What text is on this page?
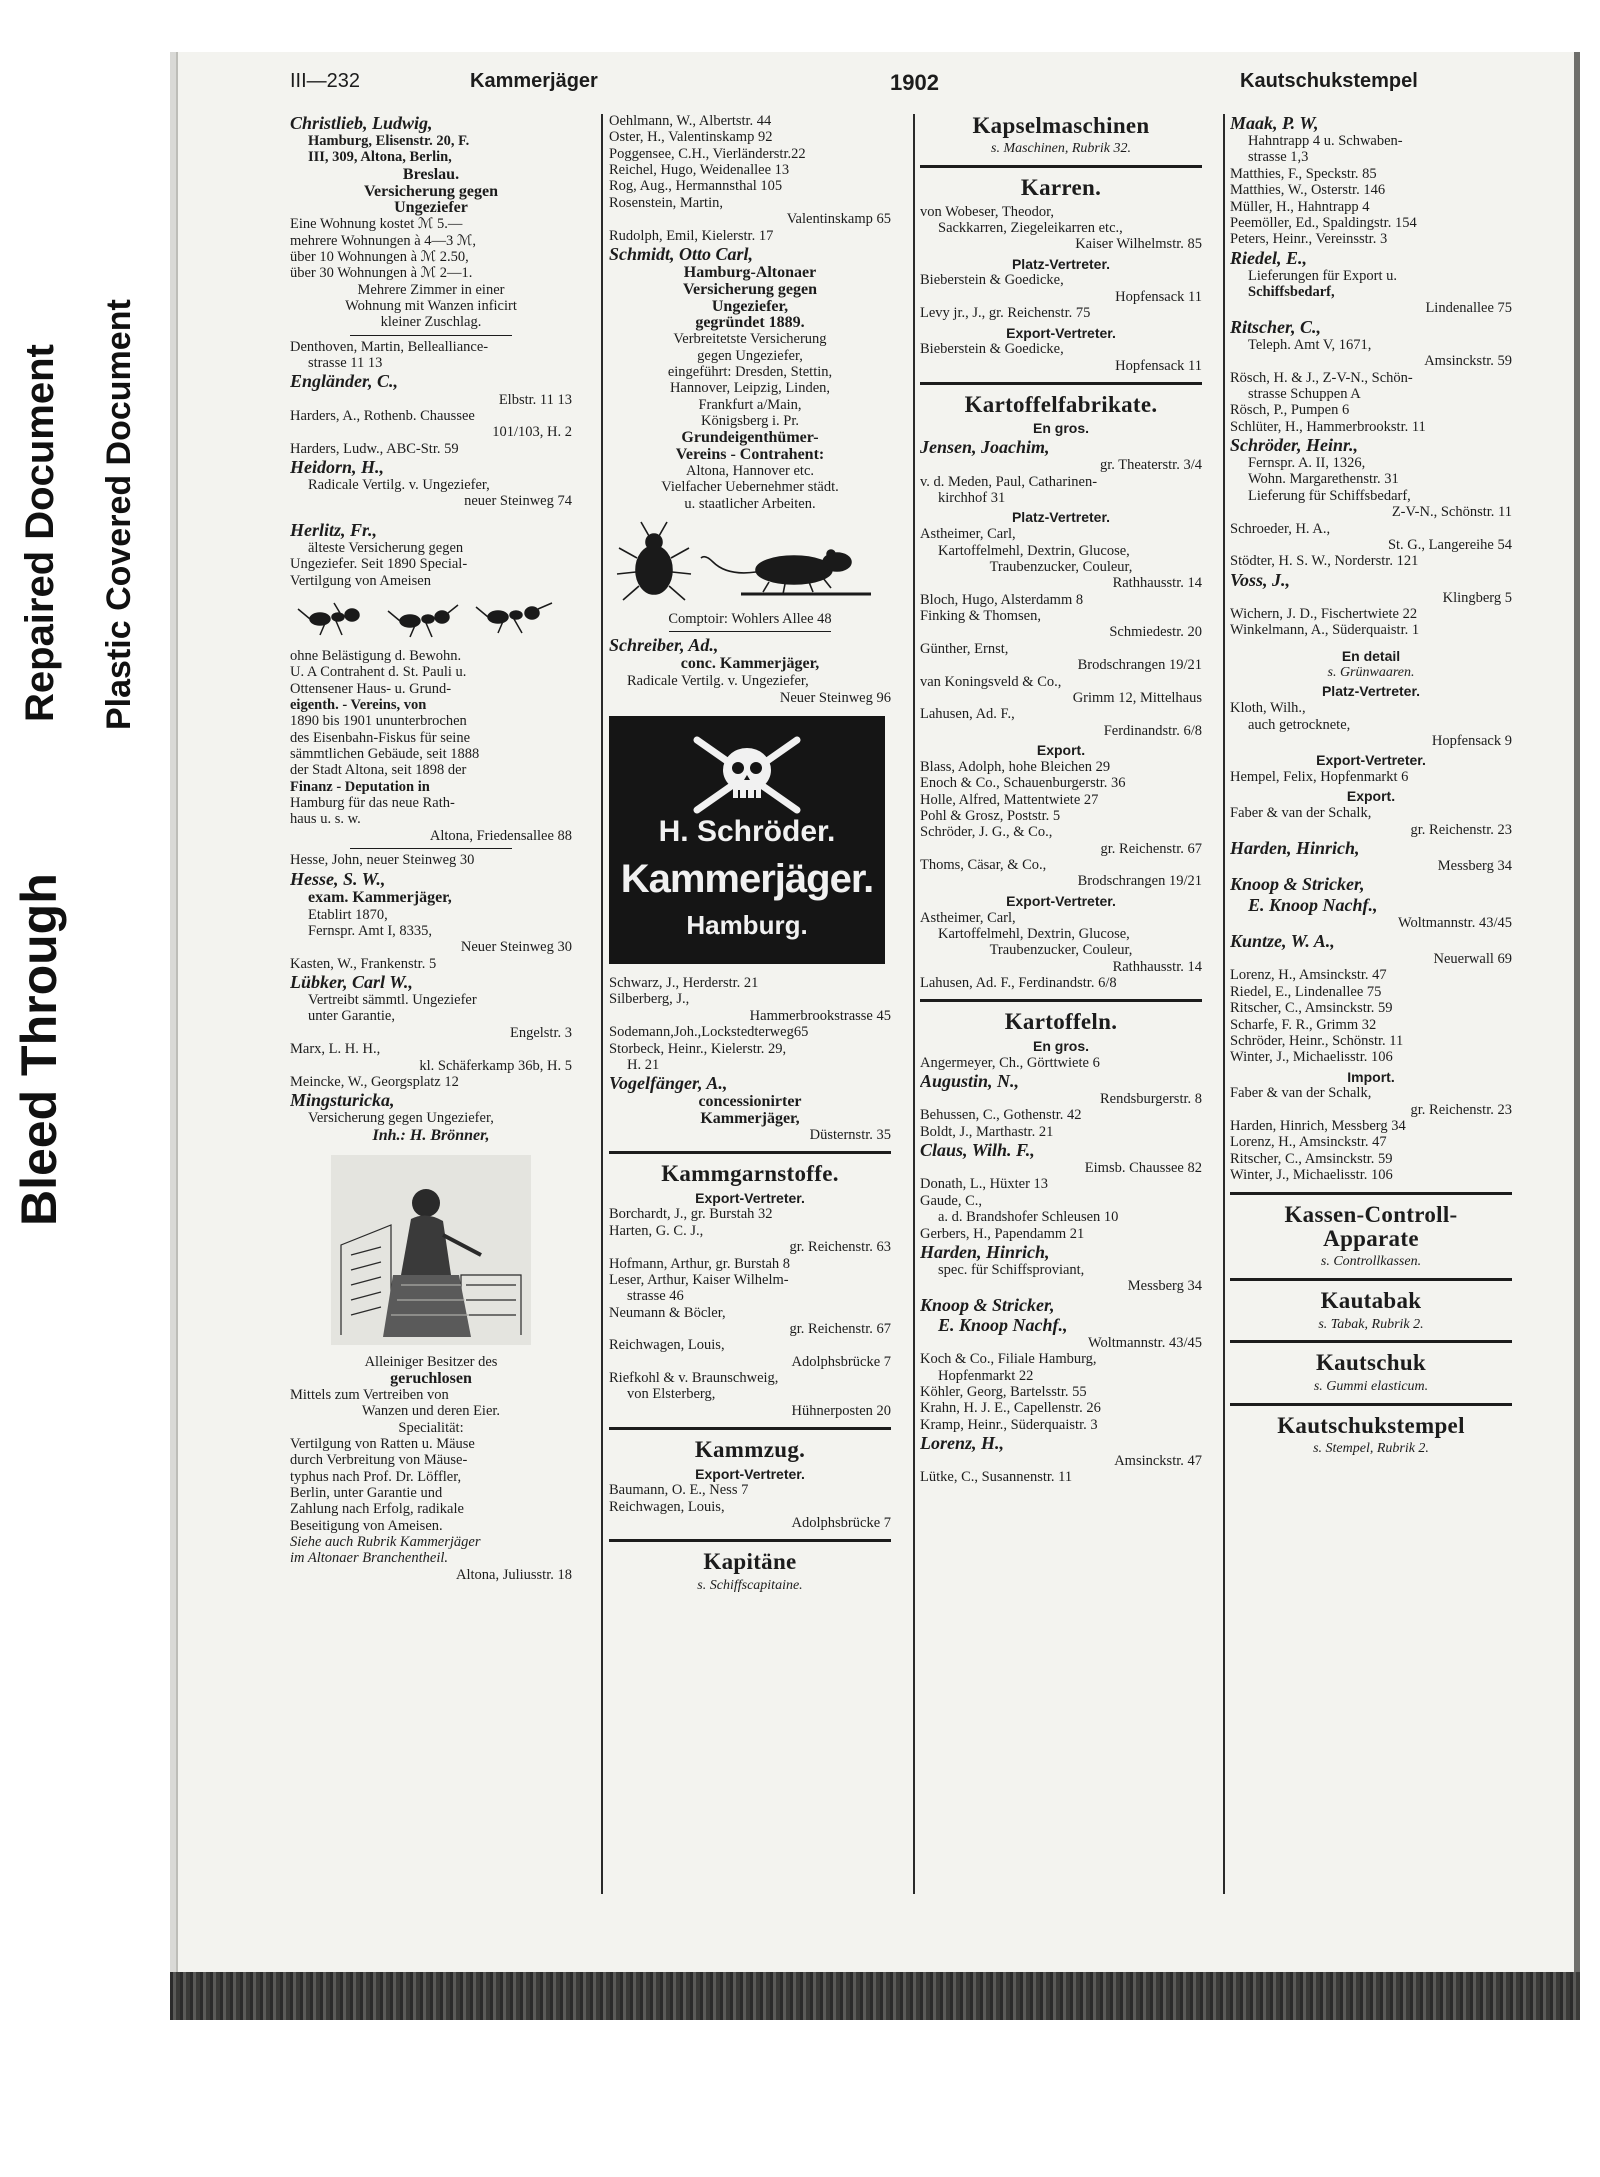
Bleed Through
Repaired Document Plastic Covered Document
III—232	Kammerjäger	1902	Kautschukstempel
Christlieb, Ludwig,
Hamburg, Elisenstr. 20, F.
III, 309, Altona, Berlin,
Breslau.
Versicherung gegen
Ungeziefer
Eine Wohnung kostet ℳ 5.—
mehrere Wohnungen à 4—3 ℳ,
über 10 Wohnungen à ℳ 2.50,
über 30 Wohnungen à ℳ 2—1.
Mehrere Zimmer in einer
Wohnung mit Wanzen inficirt
kleiner Zuschlag.
Denthoven, Martin, Bellealliance-
strasse 11 13
Engländer, C.,
Elbstr. 11 13
Harders, A., Rothenb. Chaussee
101/103, H. 2
Harders, Ludw., ABC-Str. 59
Heidorn, H.,
Radicale Vertilg. v. Ungeziefer,
neuer Steinweg 74
Herlitz, Fr.,
älteste Versicherung gegen
Ungeziefer. Seit 1890 Special-
Vertilgung von Ameisen
ohne Belästigung d. Bewohn.
U. A Contrahent d. St. Pauli u.
Ottensener Haus- u. Grund-
eigenth. - Vereins, von
1890 bis 1901 ununterbrochen
des Eisenbahn-Fiskus für seine
sämmtlichen Gebäude, seit 1888
der Stadt Altona, seit 1898 der
Finanz - Deputation in
Hamburg für das neue Rath-
haus u. s. w.
Altona, Friedensallee 88
Hesse, John, neuer Steinweg 30
Hesse, S. W.,
exam. Kammerjäger,
Etablirt 1870,
Fernspr. Amt I, 8335,
Neuer Steinweg 30
Kasten, W., Frankenstr. 5
Lübker, Carl W.,
Vertreibt sämmtl. Ungeziefer
unter Garantie,
Engelstr. 3
Marx, L. H. H.,
kl. Schäferkamp 36b, H. 5
Meincke, W., Georgsplatz 12
Mingsturicka,
Versicherung gegen Ungeziefer,
Inh.: H. Brönner,
Alleiniger Besitzer des
geruchlosen
Mittels zum Vertreiben von
Wanzen und deren Eier.
Specialität:
Vertilgung von Ratten u. Mäuse
durch Verbreitung von Mäuse-
typhus nach Prof. Dr. Löffler,
Berlin, unter Garantie und
Zahlung nach Erfolg, radikale
Beseitigung von Ameisen.
Siehe auch Rubrik Kammerjäger
im Altonaer Branchentheil.
Altona, Juliusstr. 18
Oehlmann, W., Albertstr. 44
Oster, H., Valentinskamp 92
Poggensee, C.H., Vierländerstr.22
Reichel, Hugo, Weidenallee 13
Rog, Aug., Hermannsthal 105
Rosenstein, Martin,
Valentinskamp 65
Rudolph, Emil, Kielerstr. 17
Schmidt, Otto Carl,
Hamburg-Altonaer
Versicherung gegen
Ungeziefer,
gegründet 1889.
Verbreitetste Versicherung
gegen Ungeziefer,
eingeführt: Dresden, Stettin,
Hannover, Leipzig, Linden,
Frankfurt a/Main,
Königsberg i. Pr.
Grundeigenthümer-
Vereins - Contrahent:
Altona, Hannover etc.
Vielfacher Uebernehmer städt.
u. staatlicher Arbeiten.
Comptoir: Wohlers Allee 48
Schreiber, Ad.,
conc. Kammerjäger,
Radicale Vertilg. v. Ungeziefer,
Neuer Steinweg 96
H. Schröder.
Kammerjäger.
Hamburg.
Schwarz, J., Herderstr. 21
Silberberg, J.,
Hammerbrookstrasse 45
Sodemann,Joh.,Lockstedterweg65
Storbeck, Heinr., Kielerstr. 29,
H. 21
Vogelfänger, A.,
concessionirter
Kammerjäger,
Düsternstr. 35
Kammgarnstoffe.
Export-Vertreter.
Borchardt, J., gr. Burstah 32
Harten, G. C. J.,
gr. Reichenstr. 63
Hofmann, Arthur, gr. Burstah 8
Leser, Arthur, Kaiser Wilhelm-
strasse 46
Neumann & Böcler,
gr. Reichenstr. 67
Reichwagen, Louis,
Adolphsbrücke 7
Riefkohl & v. Braunschweig,
von Elsterberg,
Hühnerposten 20
Kammzug.
Export-Vertreter.
Baumann, O. E., Ness 7
Reichwagen, Louis,
Adolphsbrücke 7
Kapitäne
s. Schiffscapitaine.
Kapselmaschinen
s. Maschinen, Rubrik 32.
Karren.
von Wobeser, Theodor,
Sackkarren, Ziegeleikarren etc.,
Kaiser Wilhelmstr. 85
Platz-Vertreter.
Bieberstein & Goedicke,
Hopfensack 11
Levy jr., J., gr. Reichenstr. 75
Export-Vertreter.
Bieberstein & Goedicke,
Hopfensack 11
Kartoffelfabrikate.
En gros.
Jensen, Joachim,
gr. Theaterstr. 3/4
v. d. Meden, Paul, Catharinen-
kirchhof 31
Platz-Vertreter.
Astheimer, Carl,
Kartoffelmehl, Dextrin, Glucose,
Traubenzucker, Couleur,
Rathhausstr. 14
Bloch, Hugo, Alsterdamm 8
Finking & Thomsen,
Schmiedestr. 20
Günther, Ernst,
Brodschrangen 19/21
van Koningsveld & Co.,
Grimm 12, Mittelhaus
Lahusen, Ad. F.,
Ferdinandstr. 6/8
Export.
Blass, Adolph, hohe Bleichen 29
Enoch & Co., Schauenburgerstr. 36
Holle, Alfred, Mattentwiete 27
Pohl & Grosz, Poststr. 5
Schröder, J. G., & Co.,
gr. Reichenstr. 67
Thoms, Cäsar, & Co.,
Brodschrangen 19/21
Export-Vertreter.
Astheimer, Carl,
Kartoffelmehl, Dextrin, Glucose,
Traubenzucker, Couleur,
Rathhausstr. 14
Lahusen, Ad. F., Ferdinandstr. 6/8
Kartoffeln.
En gros.
Angermeyer, Ch., Görttwiete 6
Augustin, N.,
Rendsburgerstr. 8
Behussen, C., Gothenstr. 42
Boldt, J., Marthastr. 21
Claus, Wilh. F.,
Eimsb. Chaussee 82
Donath, L., Hüxter 13
Gaude, C.,
a. d. Brandshofer Schleusen 10
Gerbers, H., Papendamm 21
Harden, Hinrich,
spec. für Schiffsproviant,
Messberg 34
Knoop & Stricker,
E. Knoop Nachf.,
Woltmannstr. 43/45
Koch & Co., Filiale Hamburg,
Hopfenmarkt 22
Köhler, Georg, Bartelsstr. 55
Krahn, H. J. E., Capellenstr. 26
Kramp, Heinr., Süderquaistr. 3
Lorenz, H.,
Amsinckstr. 47
Lütke, C., Susannenstr. 11
Maak, P. W,
Hahntrapp 4 u. Schwaben-
strasse 1,3
Matthies, F., Speckstr. 85
Matthies, W., Osterstr. 146
Müller, H., Hahntrapp 4
Peemöller, Ed., Spaldingstr. 154
Peters, Heinr., Vereinsstr. 3
Riedel, E.,
Lieferungen für Export u.
Schiffsbedarf,
Lindenallee 75
Ritscher, C.,
Teleph. Amt V, 1671,
Amsinckstr. 59
Rösch, H. & J., Z-V-N., Schön-
strasse Schuppen A
Rösch, P., Pumpen 6
Schlüter, H., Hammerbrookstr. 11
Schröder, Heinr.,
Fernspr. A. II, 1326,
Wohn. Margarethenstr. 31
Lieferung für Schiffsbedarf,
Z-V-N., Schönstr. 11
Schroeder, H. A.,
St. G., Langereihe 54
Stödter, H. S. W., Norderstr. 121
Voss, J.,
Klingberg 5
Wichern, J. D., Fischertwiete 22
Winkelmann, A., Süderquaistr. 1
En detail
s. Grünwaaren.
Platz-Vertreter.
Kloth, Wilh.,
auch getrocknete,
Hopfensack 9
Export-Vertreter.
Hempel, Felix, Hopfenmarkt 6
Export.
Faber & van der Schalk,
gr. Reichenstr. 23
Harden, Hinrich,
Messberg 34
Knoop & Stricker,
E. Knoop Nachf.,
Woltmannstr. 43/45
Kuntze, W. A.,
Neuerwall 69
Lorenz, H., Amsinckstr. 47
Riedel, E., Lindenallee 75
Ritscher, C., Amsinckstr. 59
Scharfe, F. R., Grimm 32
Schröder, Heinr., Schönstr. 11
Winter, J., Michaelisstr. 106
Import.
Faber & van der Schalk,
gr. Reichenstr. 23
Harden, Hinrich, Messberg 34
Lorenz, H., Amsinckstr. 47
Ritscher, C., Amsinckstr. 59
Winter, J., Michaelisstr. 106
Kassen-Controll-
Apparate
s. Controllkassen.
Kautabak
s. Tabak, Rubrik 2.
Kautschuk
s. Gummi elasticum.
Kautschukstempel
s. Stempel, Rubrik 2.
